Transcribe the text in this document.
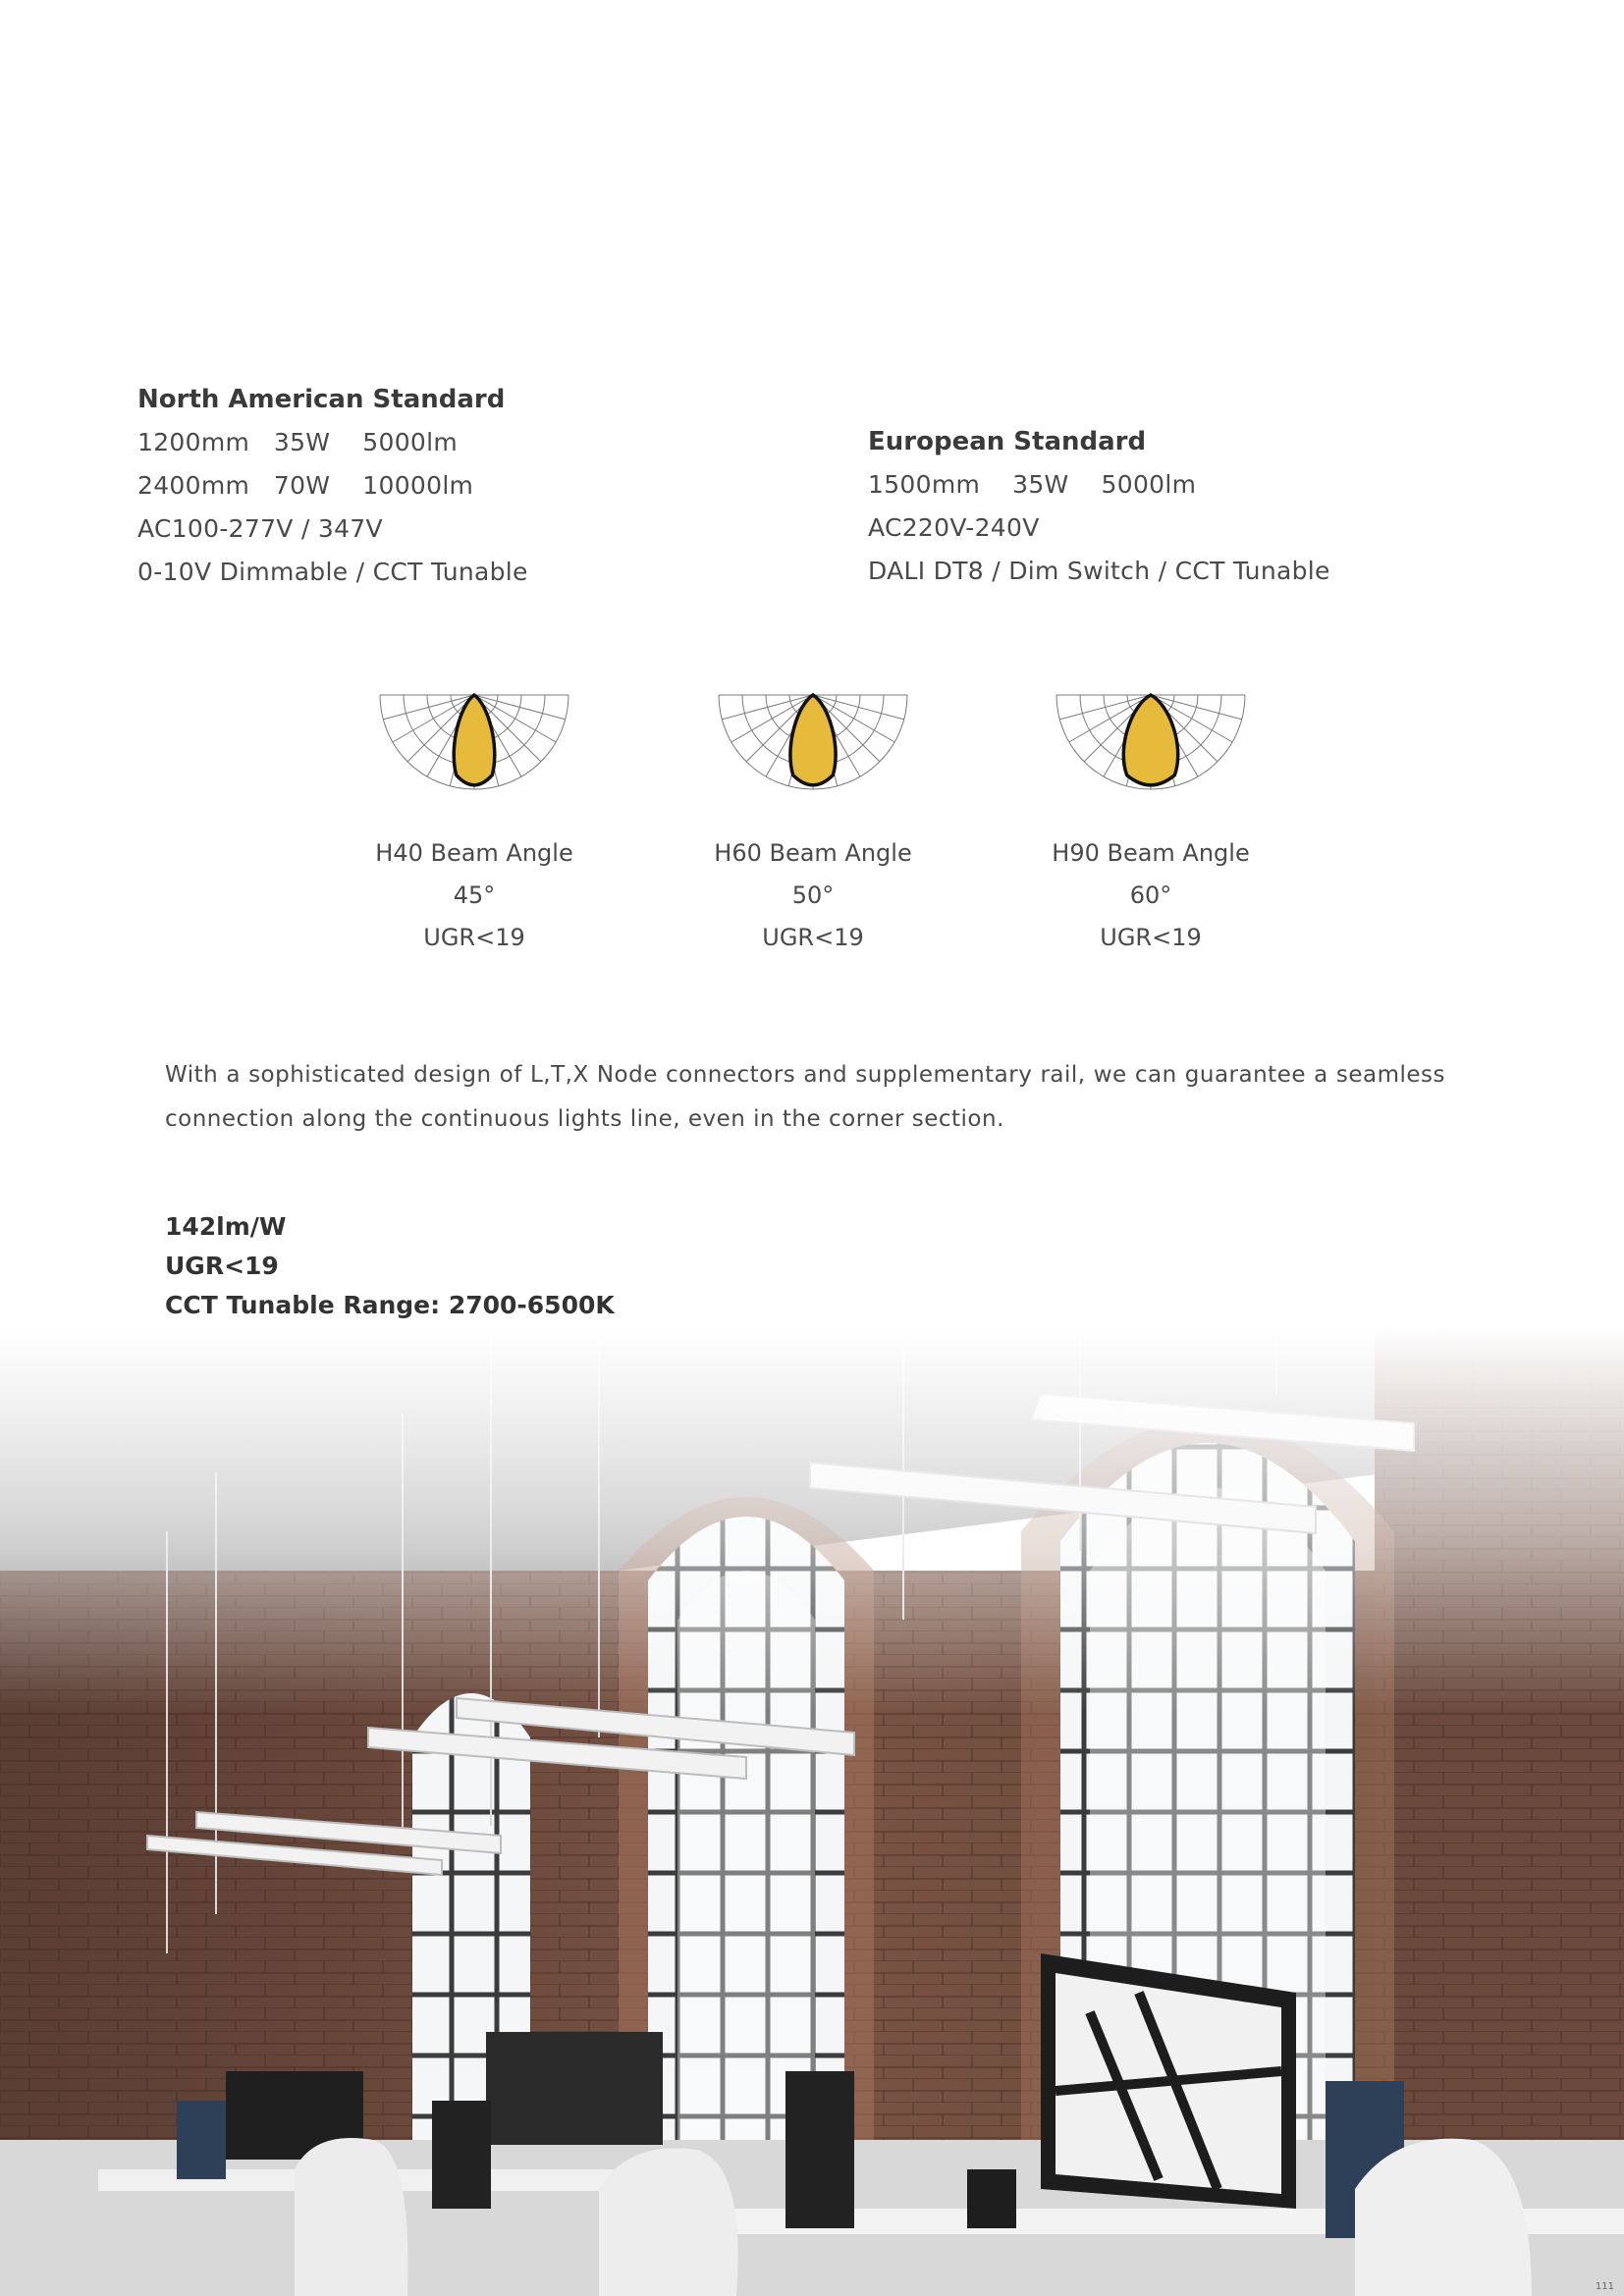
North American Standard
1200mm   35W    5000lm
2400mm   70W    10000lm
AC100-277V / 347V
0-10V Dimmable / CCT Tunable
European Standard
1500mm    35W    5000lm
AC220V-240V
DALI DT8 / Dim Switch / CCT Tunable
H40 Beam Angle
45°
UGR<19
H60 Beam Angle
50°
UGR<19
H90 Beam Angle
60°
UGR<19
With a sophisticated design of L,T,X Node connectors and supplementary rail, we can guarantee a seamless connection along the continuous lights line, even in the corner section.
142lm/W
UGR<19
CCT Tunable Range: 2700-6500K
111
